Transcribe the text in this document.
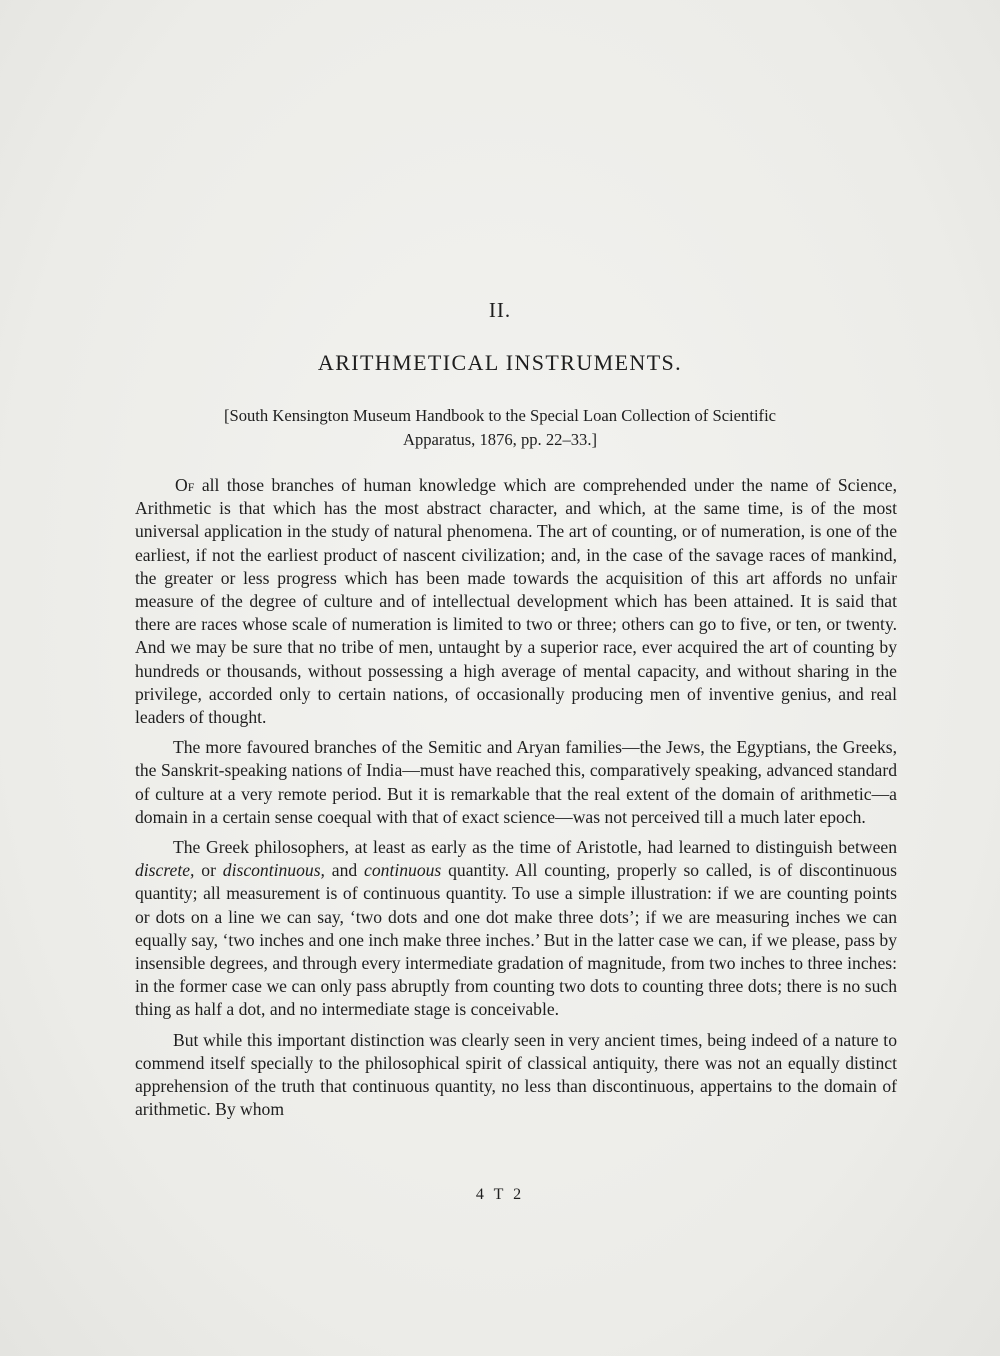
II.
ARITHMETICAL INSTRUMENTS.
[South Kensington Museum Handbook to the Special Loan Collection of Scientific
Apparatus, 1876, pp. 22–33.]

Of all those branches of human knowledge which are comprehended under the name of Science, Arithmetic is that which has the most abstract character, and which, at the same time, is of the most universal application in the study of natural phenomena. The art of counting, or of numeration, is one of the earliest, if not the earliest product of nascent civilization; and, in the case of the savage races of mankind, the greater or less progress which has been made towards the acquisition of this art affords no unfair measure of the degree of culture and of intellectual development which has been attained. It is said that there are races whose scale of numeration is limited to two or three; others can go to five, or ten, or twenty. And we may be sure that no tribe of men, untaught by a superior race, ever acquired the art of counting by hundreds or thousands, without possessing a high average of mental capacity, and without sharing in the privilege, accorded only to certain nations, of occasionally producing men of inventive genius, and real leaders of thought.

The more favoured branches of the Semitic and Aryan families—the Jews, the Egyptians, the Greeks, the Sanskrit-speaking nations of India—must have reached this, comparatively speaking, advanced standard of culture at a very remote period. But it is remarkable that the real extent of the domain of arithmetic—a domain in a certain sense coequal with that of exact science—was not perceived till a much later epoch.

The Greek philosophers, at least as early as the time of Aristotle, had learned to distinguish between discrete, or discontinuous, and continuous quantity. All counting, properly so called, is of discontinuous quantity; all measurement is of continuous quantity. To use a simple illustration: if we are counting points or dots on a line we can say, ‘two dots and one dot make three dots’; if we are measuring inches we can equally say, ‘two inches and one inch make three inches.’ But in the latter case we can, if we please, pass by insensible degrees, and through every intermediate gradation of magnitude, from two inches to three inches: in the former case we can only pass abruptly from counting two dots to counting three dots; there is no such thing as half a dot, and no intermediate stage is conceivable.

But while this important distinction was clearly seen in very ancient times, being indeed of a nature to commend itself specially to the philosophical spirit of classical antiquity, there was not an equally distinct apprehension of the truth that continuous quantity, no less than discontinuous, appertains to the domain of arithmetic. By whom

4 T 2
